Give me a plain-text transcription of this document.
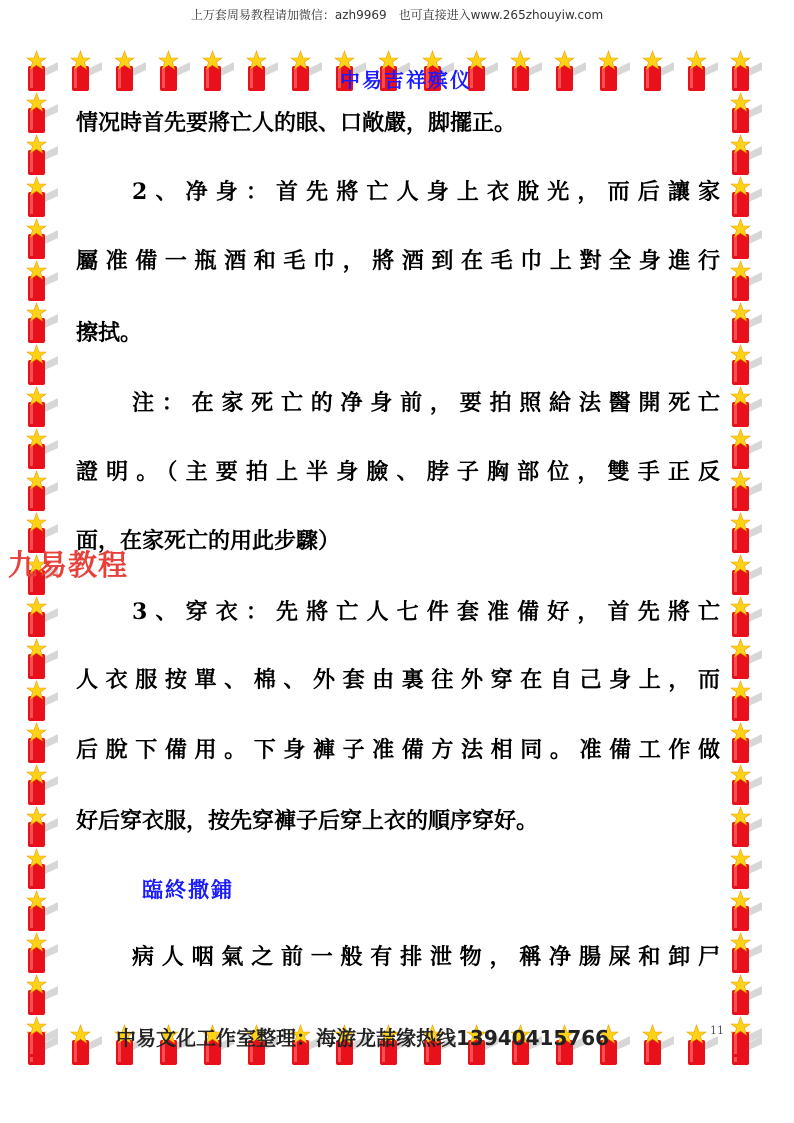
上万套周易教程请加微信：azh9969　也可直接进入www.265zhouyiw.com
中易吉祥殡仪
情况時首先要將亡人的眼、口敞嚴，脚擺正。
2、净身：首先將亡人身上衣脫光，而后讓家
屬准備一瓶酒和毛巾，將酒到在毛巾上對全身進行
擦拭。
注：在家死亡的净身前，要拍照給法醫開死亡
證明。（主要拍上半身臉、脖子胸部位，雙手正反
面，在家死亡的用此步驟）
3、穿衣：先將亡人七件套准備好，首先將亡
人衣服按單、棉、外套由裏往外穿在自己身上，而
后脫下備用。下身褲子准備方法相同。准備工作做
好后穿衣服，按先穿褲子后穿上衣的順序穿好。
臨終撒鋪
病人咽氣之前一般有排泄物，稱净腸屎和卸尸
九易教程
中易文化工作室整理：海游龙喆缘热线13940415766	11
